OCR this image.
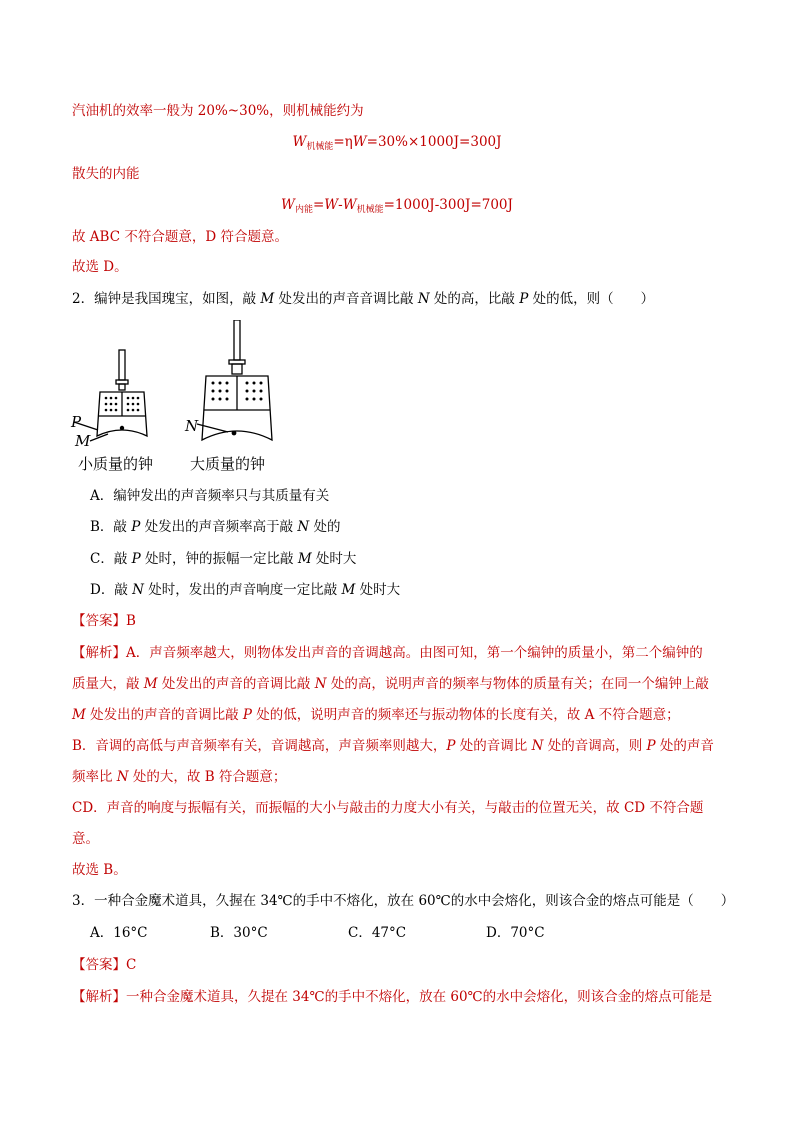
汽油机的效率一般为 20%~30%，则机械能约为
$W_{机械能}=\eta W=30\%\times 1000J=300J$
散失的内能
$W_{内能}=W-W_{机械能}=1000J-300J=700J$
故 ABC 不符合题意，D 符合题意。
故选 D。
2．编钟是我国瑰宝，如图，敲 M 处发出的声音音调比敲 N 处的高，比敲 P 处的低，则（　　）
P
M
N
小质量的钟 大质量的钟
A．编钟发出的声音频率只与其质量有关
B．敲 P 处发出的声音频率高于敲 N 处的
C．敲 P 处时，钟的振幅一定比敲 M 处时大
D．敲 N 处时，发出的声音响度一定比敲 M 处时大
【答案】B
【解析】A．声音频率越大，则物体发出声音的音调越高。由图可知，第一个编钟的质量小，第二个编钟的
质量大，敲 M 处发出的声音的音调比敲 N 处的高，说明声音的频率与物体的质量有关；在同一个编钟上敲
M 处发出的声音的音调比敲 P 处的低，说明声音的频率还与振动物体的长度有关，故 A 不符合题意；
B．音调的高低与声音频率有关，音调越高，声音频率则越大，P 处的音调比 N 处的音调高，则 P 处的声音
频率比 N 处的大，故 B 符合题意；
CD．声音的响度与振幅有关，而振幅的大小与敲击的力度大小有关，与敲击的位置无关，故 CD 不符合题
意。
故选 B。
3．一种合金魔术道具，久握在 34℃的手中不熔化，放在 60℃的水中会熔化，则该合金的熔点可能是（　　）
A．16°C	B．30°C	C．47°C	D．70°C
【答案】C
【解析】一种合金魔术道具，久提在 34℃的手中不熔化，放在 60℃的水中会熔化，则该合金的熔点可能是
